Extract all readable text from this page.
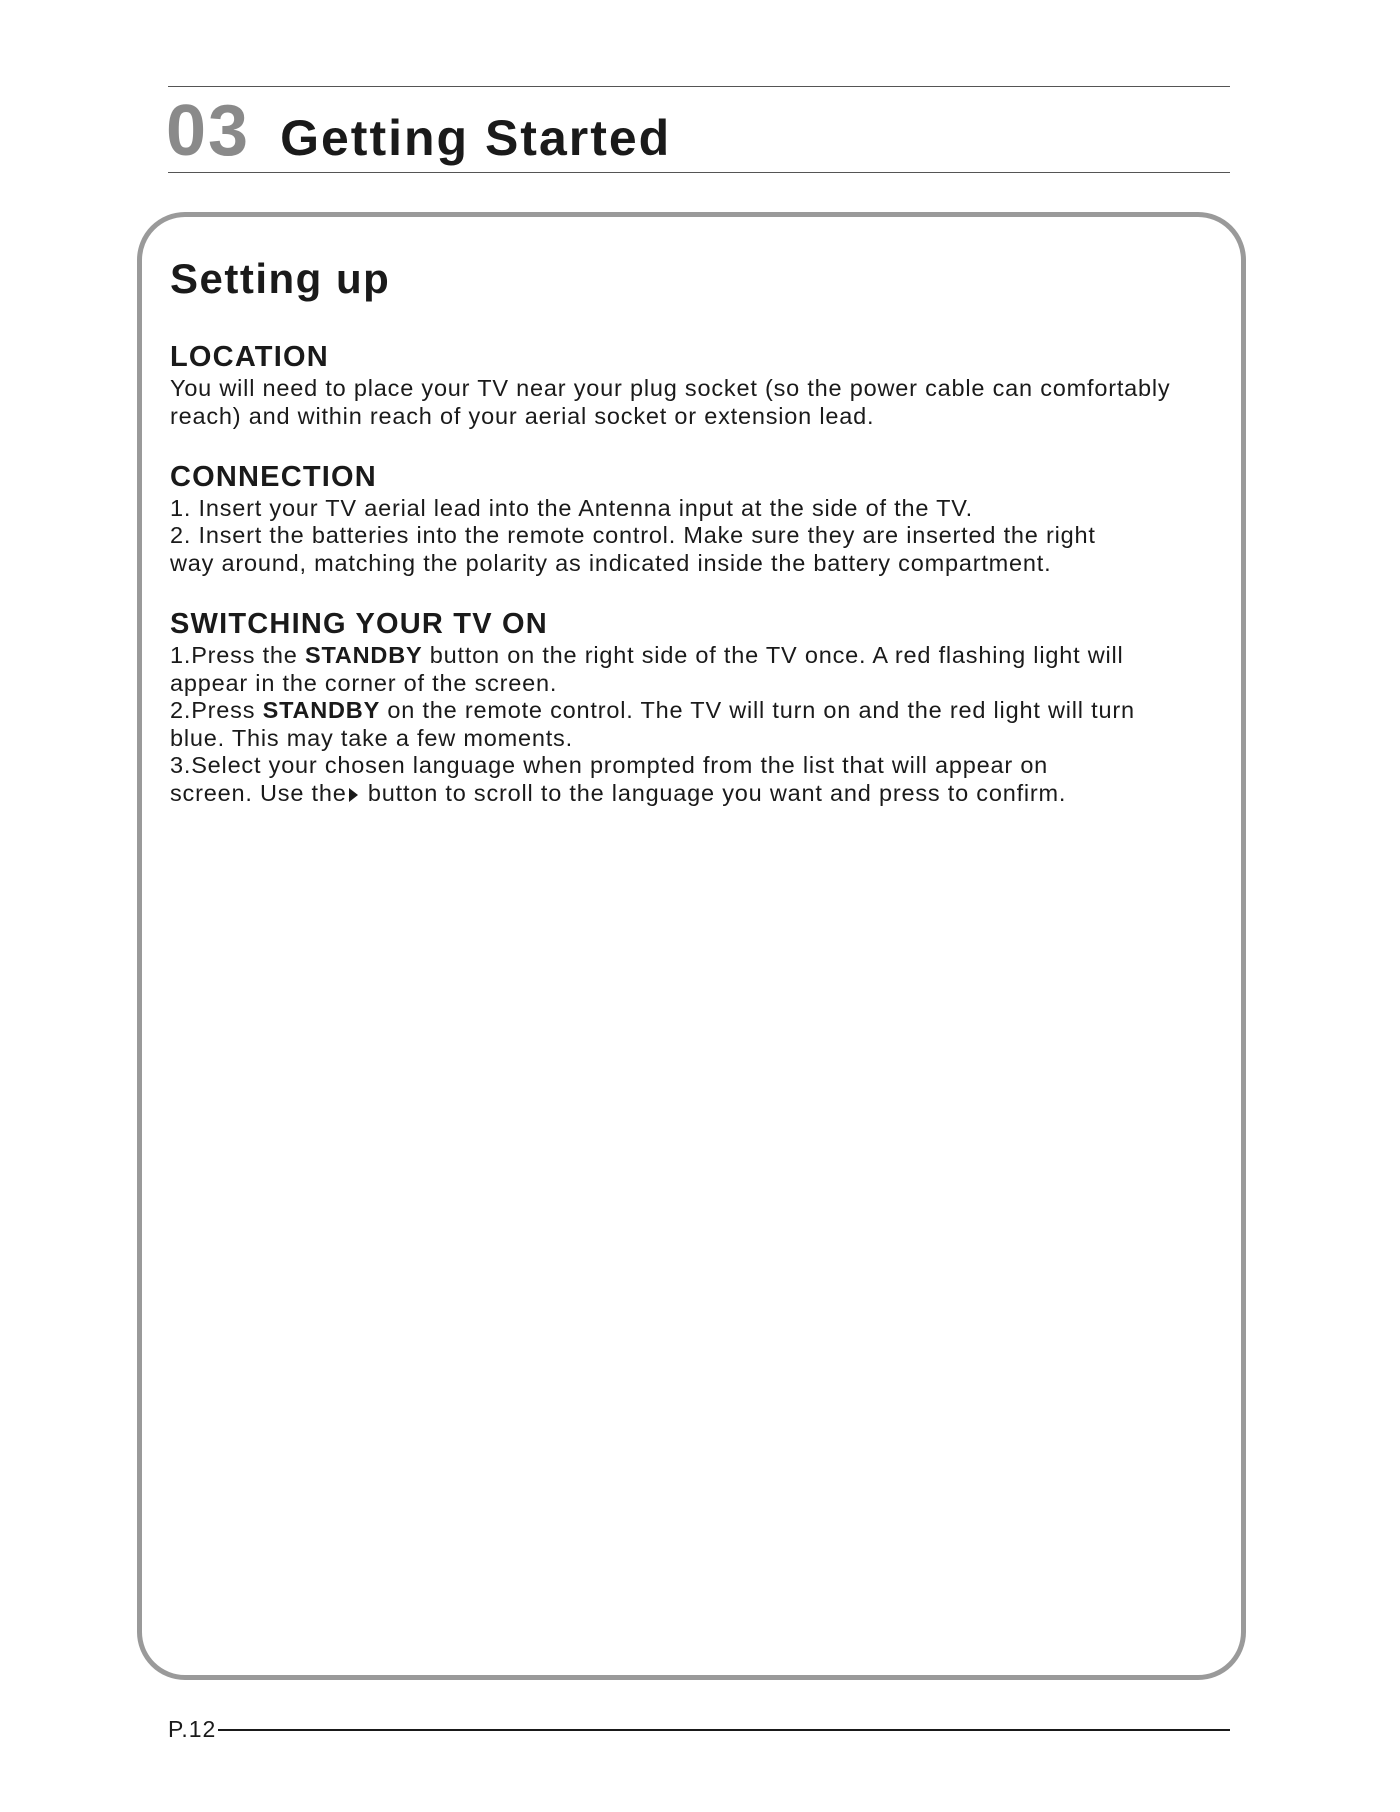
03 Getting Started
Setting up
LOCATION

You will need to place your TV near your plug socket (so the power cable can comfortably

reach) and within reach of your aerial socket or extension lead.

CONNECTION

1. Insert your TV aerial lead into the Antenna input at the side of the TV.

2. Insert the batteries into the remote control. Make sure they are inserted the right

way around, matching the polarity as indicated inside the battery compartment.

SWITCHING YOUR TV ON

1.Press the STANDBY button on the right side of the TV once. A red flashing light will

appear in the corner of the screen.

2.Press STANDBY on the remote control. The TV will turn on and the red light will turn

blue. This may take a few moments.

3.Select your chosen language when prompted from the list that will appear on

screen. Use the button to scroll to the language you want and press to confirm.

P.12
